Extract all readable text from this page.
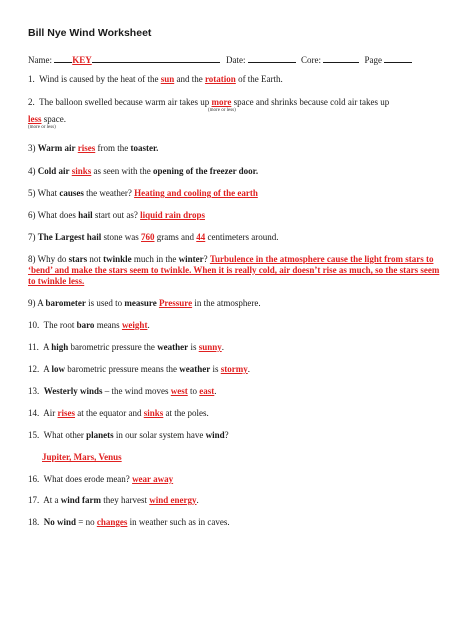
Bill Nye Wind Worksheet
Name: KEY	Date:	Core:	Page
1. Wind is caused by the heat of the sun and the rotation of the Earth.
2. The balloon swelled because warm air takes up more space and shrinks because cold air takes up
(more or less)
less space.
(more or less)
3) Warm air rises from the toaster.
4) Cold air sinks as seen with the opening of the freezer door.
5) What causes the weather? Heating and cooling of the earth
6) What does hail start out as? liquid rain drops
7) The Largest hail stone was 760 grams and 44 centimeters around.
8) Why do stars not twinkle much in the winter? Turbulence in the atmosphere cause the light from stars to ‘bend’ and make the stars seem to twinkle. When it is really cold, air doesn’t rise as much, so the stars seem to twinkle less.
9) A barometer is used to measure Pressure in the atmosphere.
10. The root baro means weight.
11. A high barometric pressure the weather is sunny.
12. A low barometric pressure means the weather is stormy.
13. Westerly winds – the wind moves west to east.
14. Air rises at the equator and sinks at the poles.
15. What other planets in our solar system have wind?
Jupiter, Mars, Venus
16. What does erode mean? wear away
17. At a wind farm they harvest wind energy.
18. No wind = no changes in weather such as in caves.
